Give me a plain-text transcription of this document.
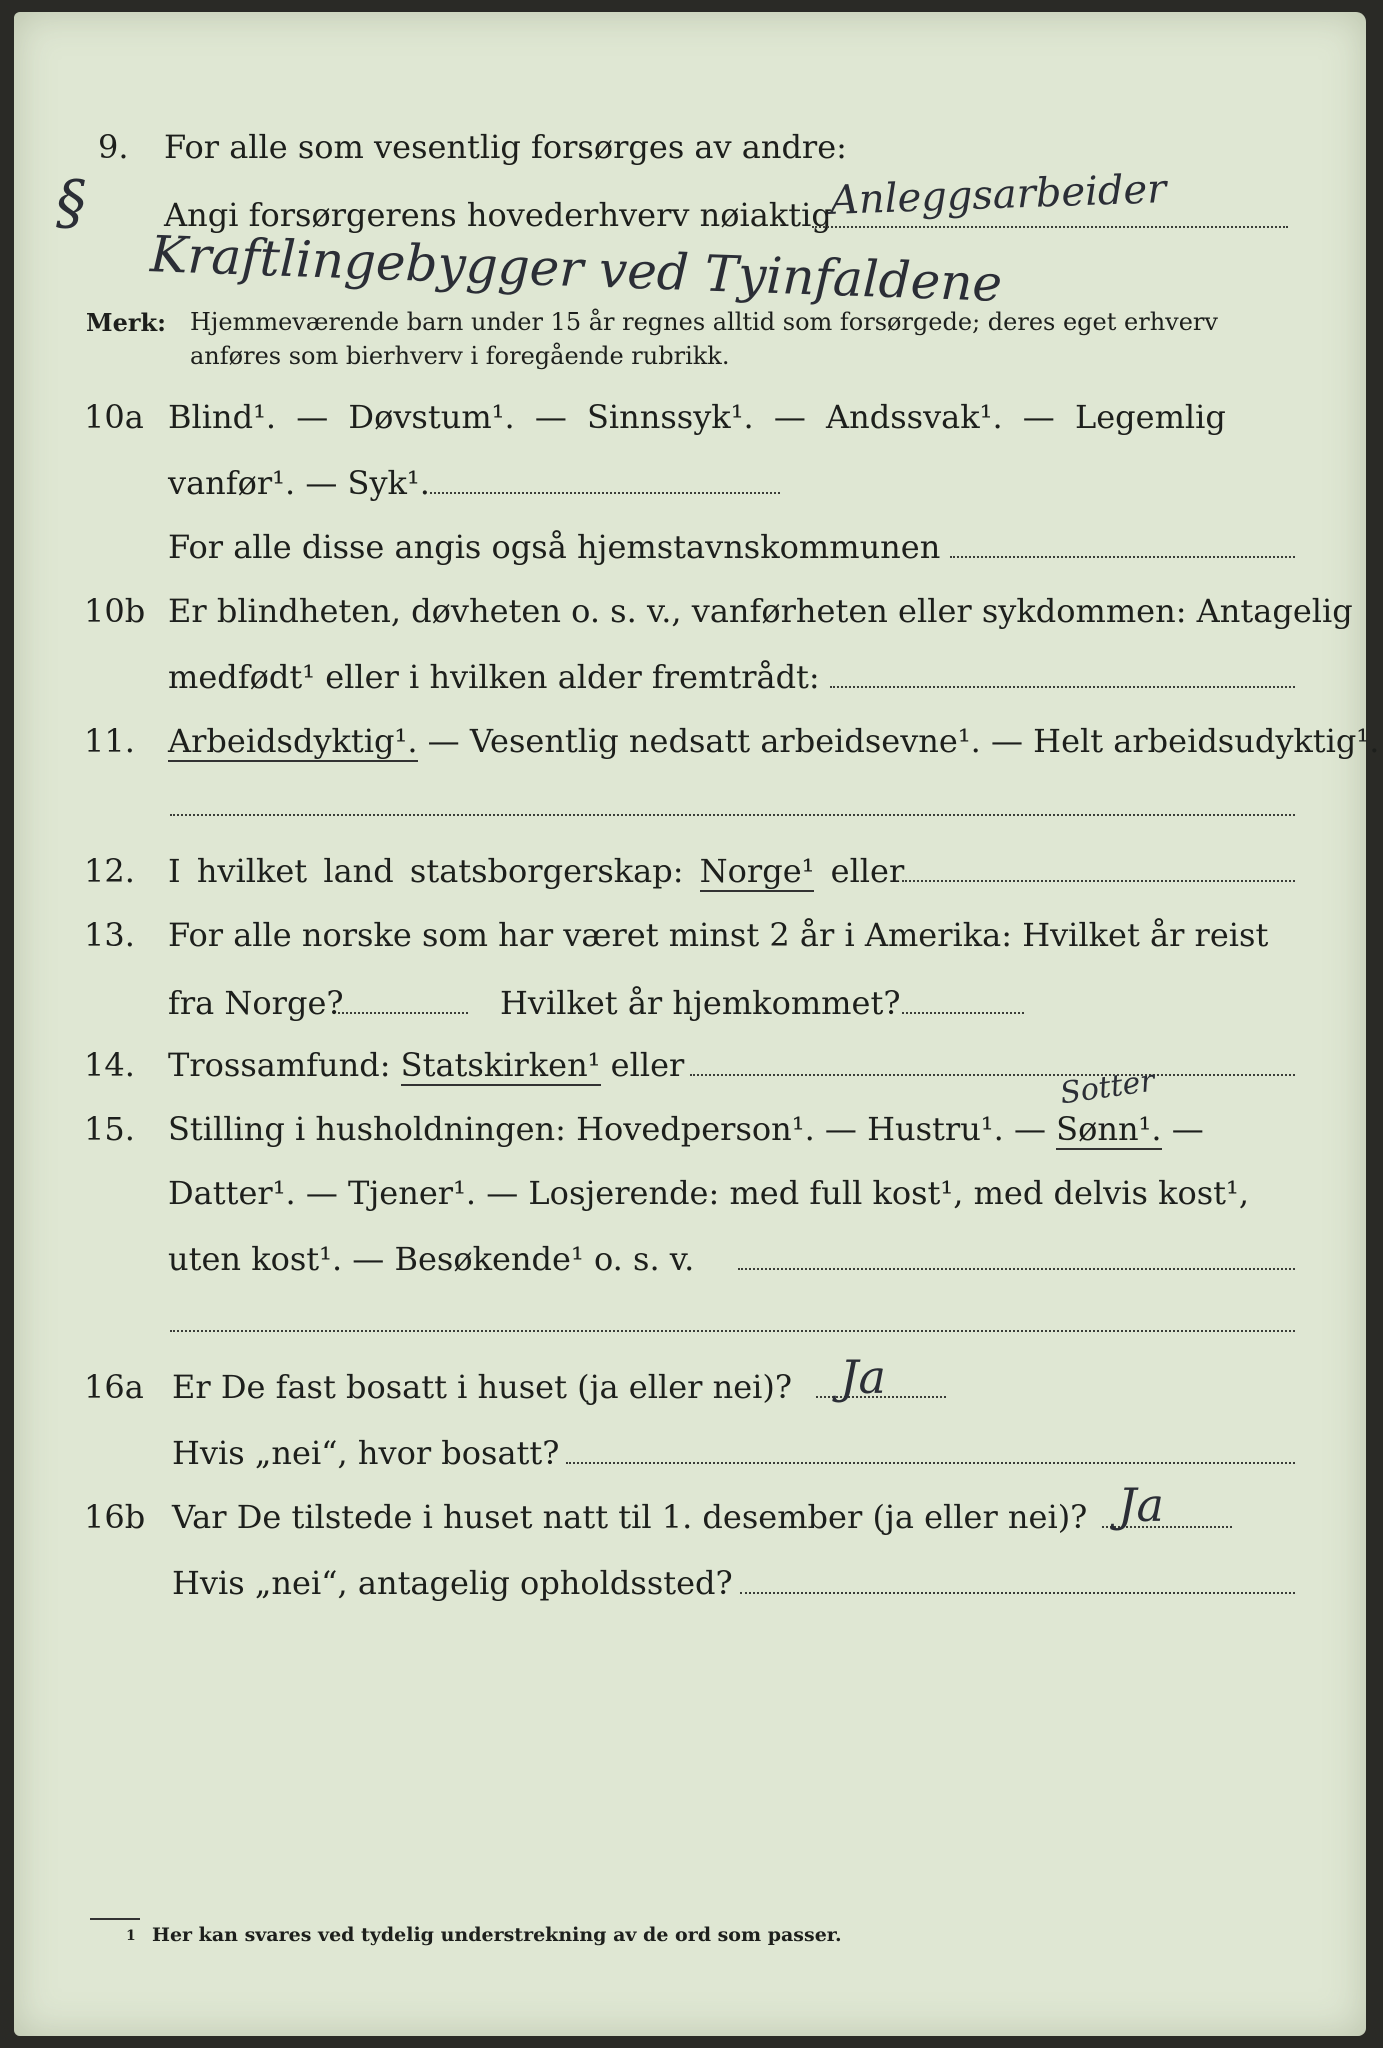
9. For alle som vesentlig forsørges av andre:
Angi forsørgerens hovederhverv nøiaktig
Anleggsarbeider
Kraftlingebygger ved Tyinfaldene
§
Merk: Hjemmeværende barn under 15 år regnes alltid som forsørgede; deres eget erhverv
anføres som bierhverv i foregående rubrikk.
10a Blind¹. — Døvstum¹. — Sinnssyk¹. — Andssvak¹. — Legemlig
vanfør¹. — Syk¹.
For alle disse angis også hjemstavnskommunen
10b Er blindheten, døvheten o. s. v., vanførheten eller sykdommen: Antagelig
medfødt¹ eller i hvilken alder fremtrådt:
11. Arbeidsdyktig¹. — Vesentlig nedsatt arbeidsevne¹. — Helt arbeidsudyktig¹.
12. I hvilket land statsborgerskap: Norge¹ eller
13. For alle norske som har været minst 2 år i Amerika: Hvilket år reist
fra Norge?	Hvilket år hjemkommet?
14. Trossamfund: Statskirken¹ eller
15.
Sotter
Stilling i husholdningen: Hovedperson¹. — Hustru¹. — Sønn¹. —
Datter¹. — Tjener¹. — Losjerende: med full kost¹, med delvis kost¹,
uten kost¹. — Besøkende¹ o. s. v.
16a Er De fast bosatt i huset (ja eller nei)? Ja
Hvis „nei“, hvor bosatt?
16b Var De tilstede i huset natt til 1. desember (ja eller nei)? Ja
Hvis „nei“, antagelig opholdssted?
1 Her kan svares ved tydelig understrekning av de ord som passer.
